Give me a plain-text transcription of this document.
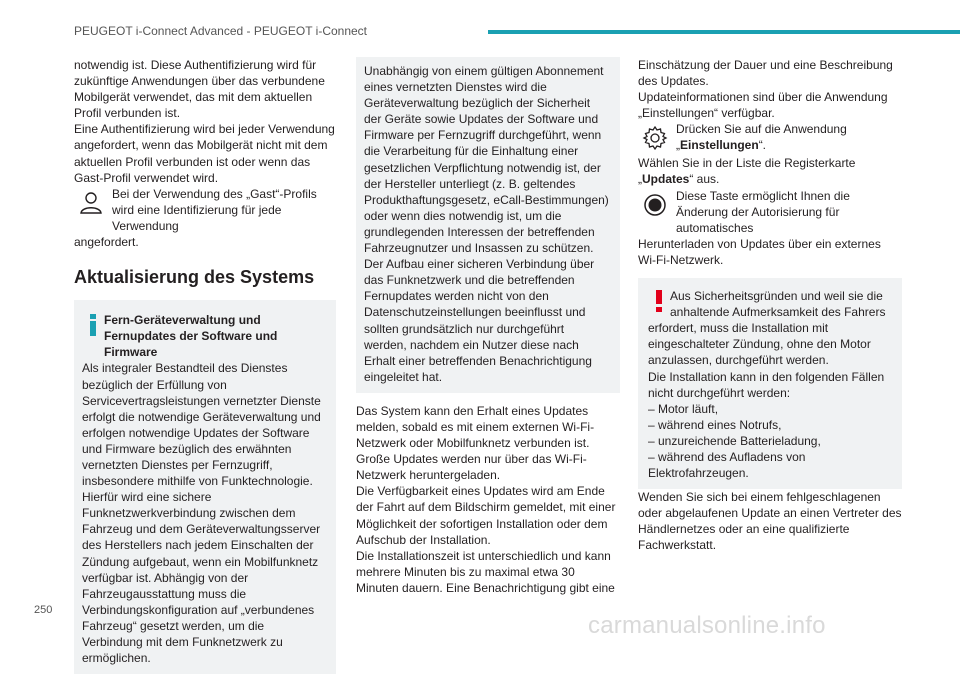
PEUGEOT i-Connect Advanced - PEUGEOT i-Connect

notwendig ist. Diese Authentifizierung wird für zukünftige Anwendungen über das verbundene Mobilgerät verwendet, das mit dem aktuellen Profil verbunden ist.

Eine Authentifizierung wird bei jeder Verwendung angefordert, wenn das Mobilgerät nicht mit dem aktuellen Profil verbunden ist oder wenn das Gast-Profil verwendet wird.

Bei der Verwendung des „Gast“-Profils wird eine Identifizierung für jede Verwendung

angefordert.

Aktualisierung des Systems
Fern-Geräteverwaltung und Fernupdates der Software und Firmware

Als integraler Bestandteil des Dienstes bezüglich der Erfüllung von Servicevertragsleistungen vernetzter Dienste erfolgt die notwendige Geräteverwaltung und erfolgen notwendige Updates der Software und Firmware bezüglich des erwähnten vernetzten Dienstes per Fernzugriff, insbesondere mithilfe von Funktechnologie.

Hierfür wird eine sichere Funknetzwerkverbindung zwischen dem Fahrzeug und dem Geräteverwaltungsserver des Herstellers nach jedem Einschalten der Zündung aufgebaut, wenn ein Mobilfunknetz verfügbar ist. Abhängig von der Fahrzeugausstattung muss die Verbindungskonfiguration auf „verbundenes Fahrzeug“ gesetzt werden, um die Verbindung mit dem Funknetzwerk zu ermöglichen.

Unabhängig von einem gültigen Abonnement eines vernetzten Dienstes wird die Geräteverwaltung bezüglich der Sicherheit der Geräte sowie Updates der Software und Firmware per Fernzugriff durchgeführt, wenn die Verarbeitung für die Einhaltung einer gesetzlichen Verpflichtung notwendig ist, der der Hersteller unterliegt (z. B. geltendes Produkthaftungsgesetz, eCall-Bestimmungen) oder wenn dies notwendig ist, um die grundlegenden Interessen der betreffenden Fahrzeugnutzer und Insassen zu schützen.

Der Aufbau einer sicheren Verbindung über das Funknetzwerk und die betreffenden Fernupdates werden nicht von den Datenschutzeinstellungen beeinflusst und sollten grundsätzlich nur durchgeführt werden, nachdem ein Nutzer diese nach Erhalt einer betreffenden Benachrichtigung eingeleitet hat.

Das System kann den Erhalt eines Updates melden, sobald es mit einem externen Wi-Fi-Netzwerk oder Mobilfunknetz verbunden ist.

Große Updates werden nur über das Wi-Fi-Netzwerk heruntergeladen.

Die Verfügbarkeit eines Updates wird am Ende der Fahrt auf dem Bildschirm gemeldet, mit einer Möglichkeit der sofortigen Installation oder dem Aufschub der Installation.

Die Installationszeit ist unterschiedlich und kann mehrere Minuten bis zu maximal etwa 30 Minuten dauern. Eine Benachrichtigung gibt eine

Einschätzung der Dauer und eine Beschreibung des Updates.

Updateinformationen sind über die Anwendung „Einstellungen“ verfügbar.

Drücken Sie auf die Anwendung „Einstellungen“.

Wählen Sie in der Liste die Registerkarte „Updates“ aus.

Diese Taste ermöglicht Ihnen die Änderung der Autorisierung für automatisches

Herunterladen von Updates über ein externes Wi-Fi-Netzwerk.

Aus Sicherheitsgründen und weil sie die anhaltende Aufmerksamkeit des Fahrers

erfordert, muss die Installation mit eingeschalteter Zündung, ohne den Motor anzulassen, durchgeführt werden.

Die Installation kann in den folgenden Fällen nicht durchgeführt werden:

– Motor läuft,
– während eines Notrufs,
– unzureichende Batterieladung,
– während des Aufladens von Elektrofahrzeugen.

Wenden Sie sich bei einem fehlgeschlagenen oder abgelaufenen Update an einen Vertreter des Händlernetzes oder an eine qualifizierte Fachwerkstatt.

250
carmanualsonline.info
